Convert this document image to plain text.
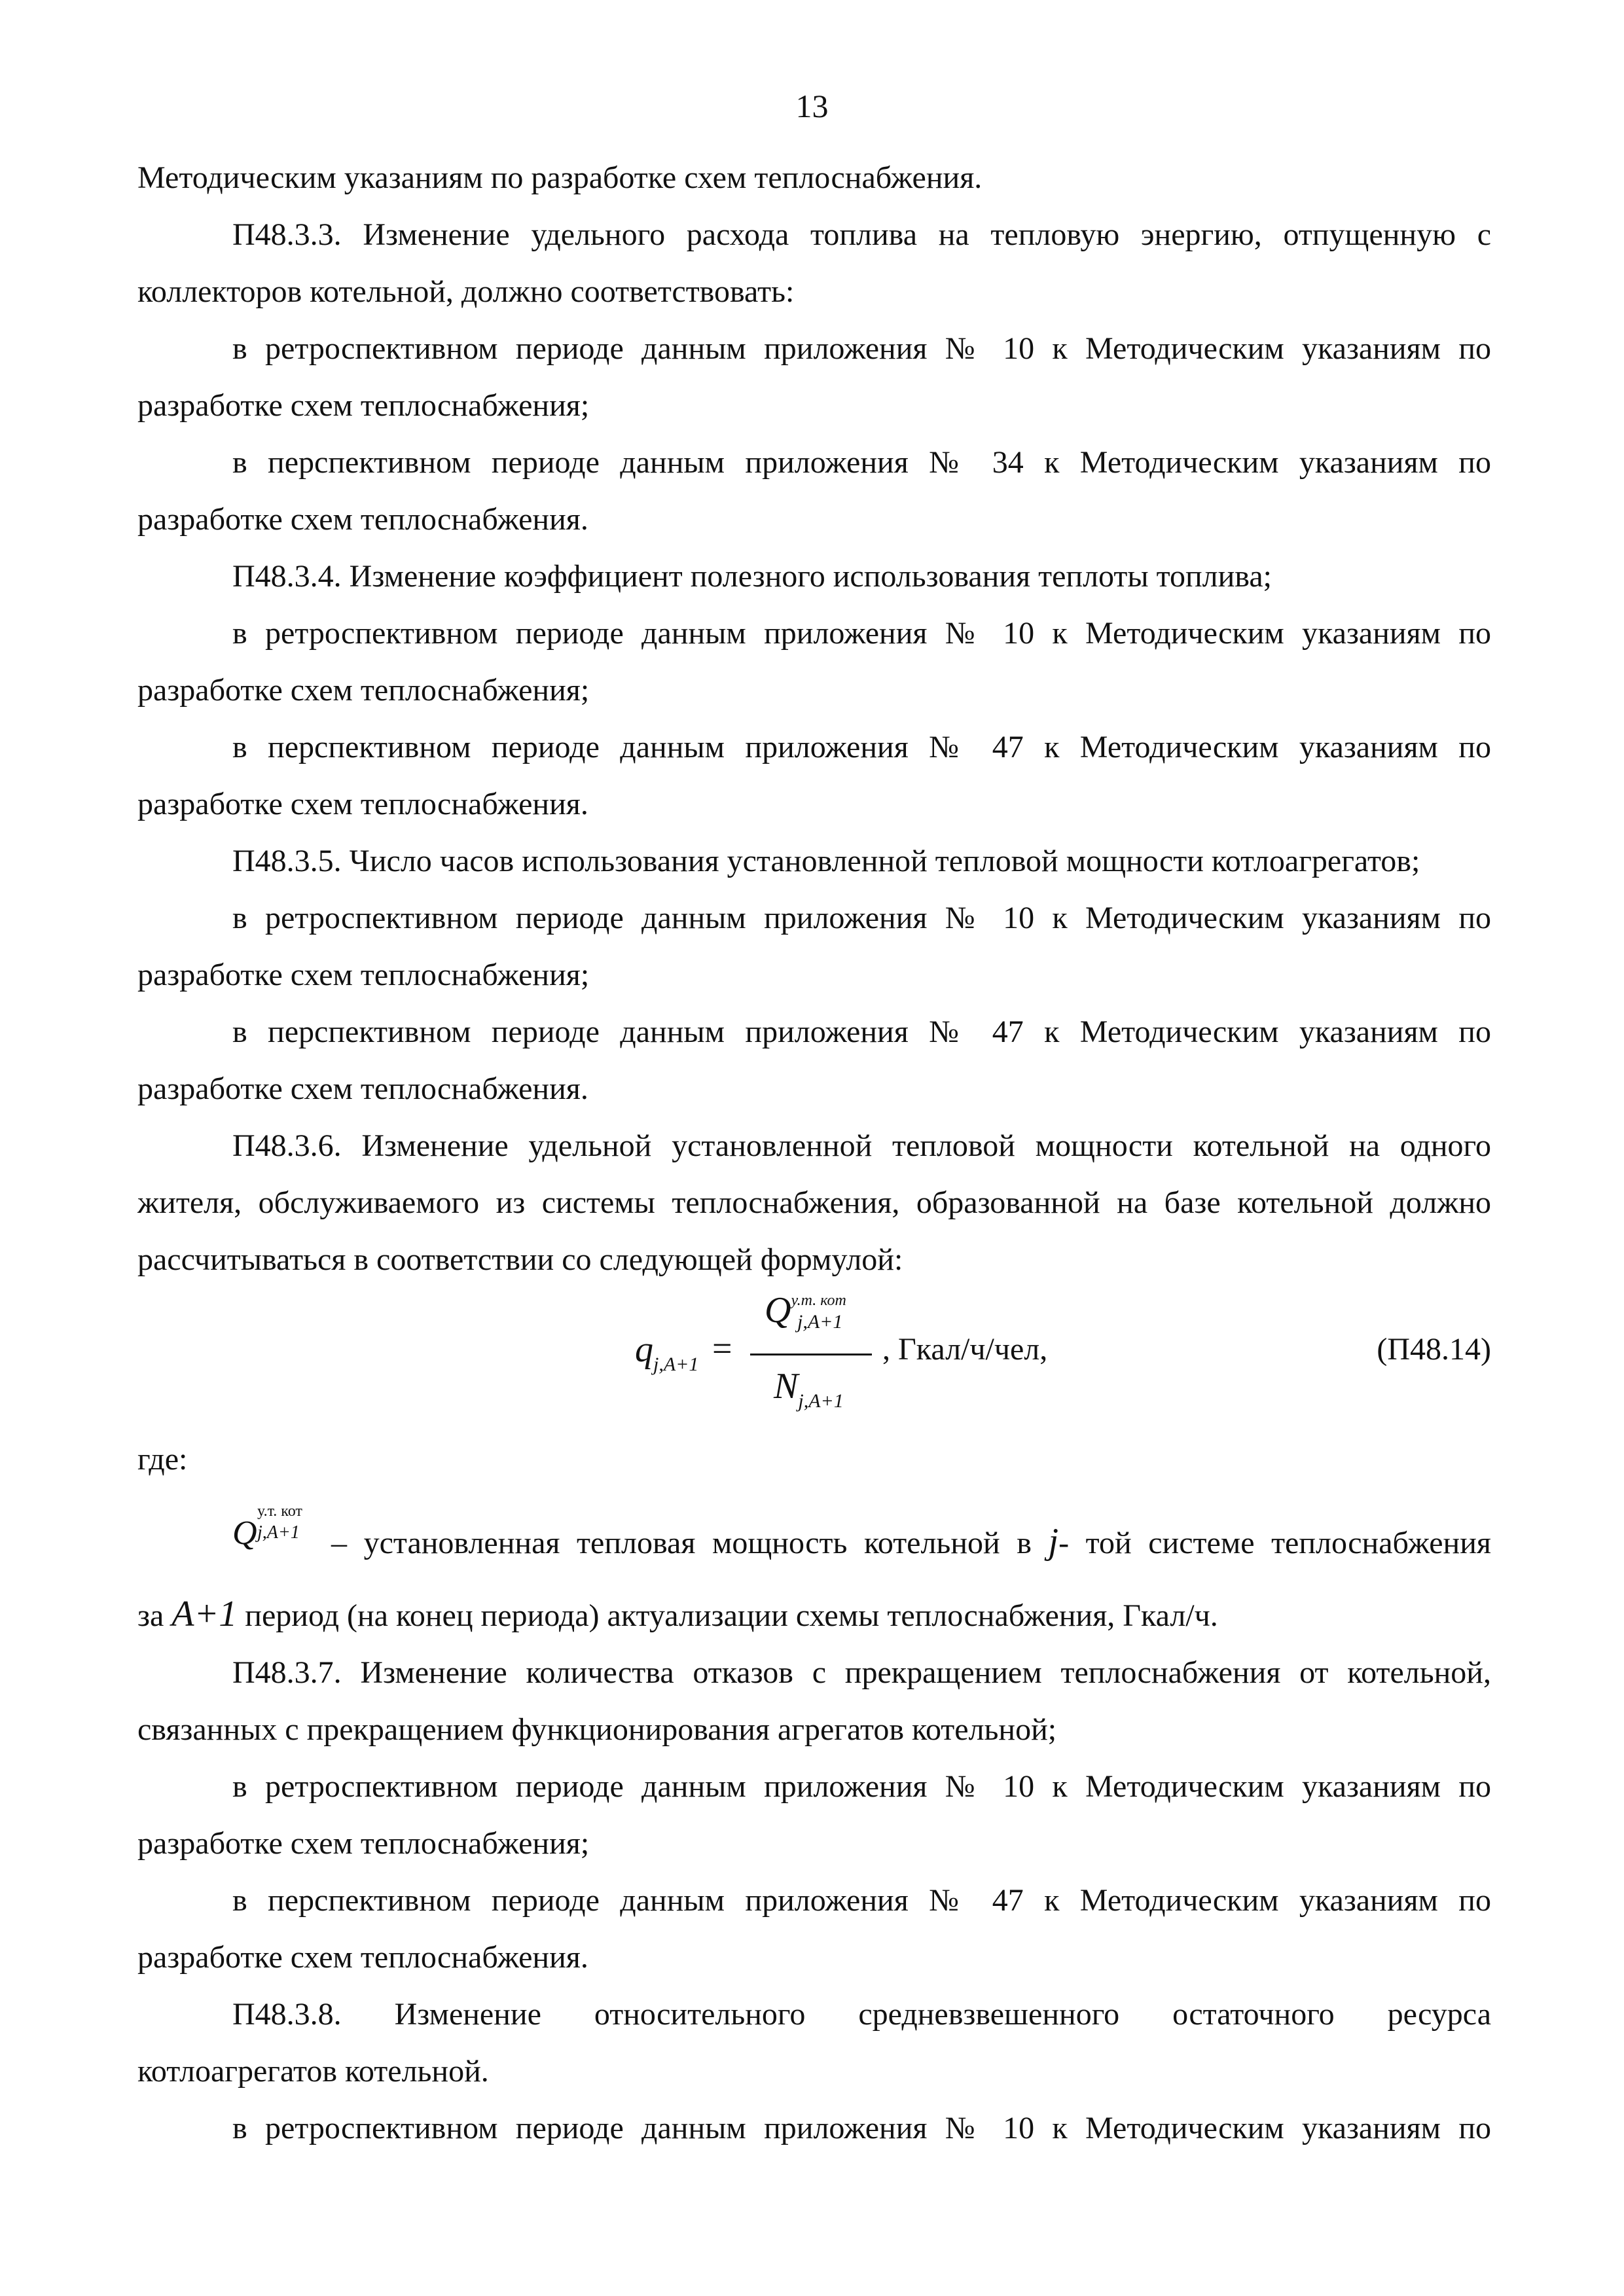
13

Методическим указаниям по разработке схем теплоснабжения.

П48.3.3. Изменение удельного расхода топлива на тепловую энергию, отпущенную с коллекторов котельной, должно соответствовать:

в ретроспективном периоде данным приложения № 10 к Методическим указаниям по разработке схем теплоснабжения;

в перспективном периоде данным приложения № 34 к Методическим указаниям по разработке схем теплоснабжения.

П48.3.4. Изменение коэффициент полезного использования теплоты топлива;

в ретроспективном периоде данным приложения № 10 к Методическим указаниям по разработке схем теплоснабжения;

в перспективном периоде данным приложения № 47 к Методическим указаниям по разработке схем теплоснабжения.

П48.3.5. Число часов использования установленной тепловой мощности котлоагрегатов;

в ретроспективном периоде данным приложения № 10 к Методическим указаниям по разработке схем теплоснабжения;

в перспективном периоде данным приложения № 47 к Методическим указаниям по разработке схем теплоснабжения.

П48.3.6. Изменение удельной установленной тепловой мощности котельной на одного жителя, обслуживаемого из системы теплоснабжения, образованной на базе котельной должно рассчитываться в соответствии со следующей формулой:

$q_{j,A+1}$ =
$Q^{у.т. кот}$
j,A+1
$N_{j,A+1}$
, Гкал/ч/чел,	(П48.14)

где:

Q
у.т. кот
j,A+1 – установленная тепловая мощность котельной в j- той системе теплоснабжения

за A+1 период (на конец периода) актуализации схемы теплоснабжения, Гкал/ч.

П48.3.7. Изменение количества отказов с прекращением теплоснабжения от котельной, связанных с прекращением функционирования агрегатов котельной;

в ретроспективном периоде данным приложения № 10 к Методическим указаниям по разработке схем теплоснабжения;

в перспективном периоде данным приложения № 47 к Методическим указаниям по разработке схем теплоснабжения.

П48.3.8. Изменение относительного средневзвешенного остаточного ресурса

котлоагрегатов котельной.

в ретроспективном периоде данным приложения № 10 к Методическим указаниям по
